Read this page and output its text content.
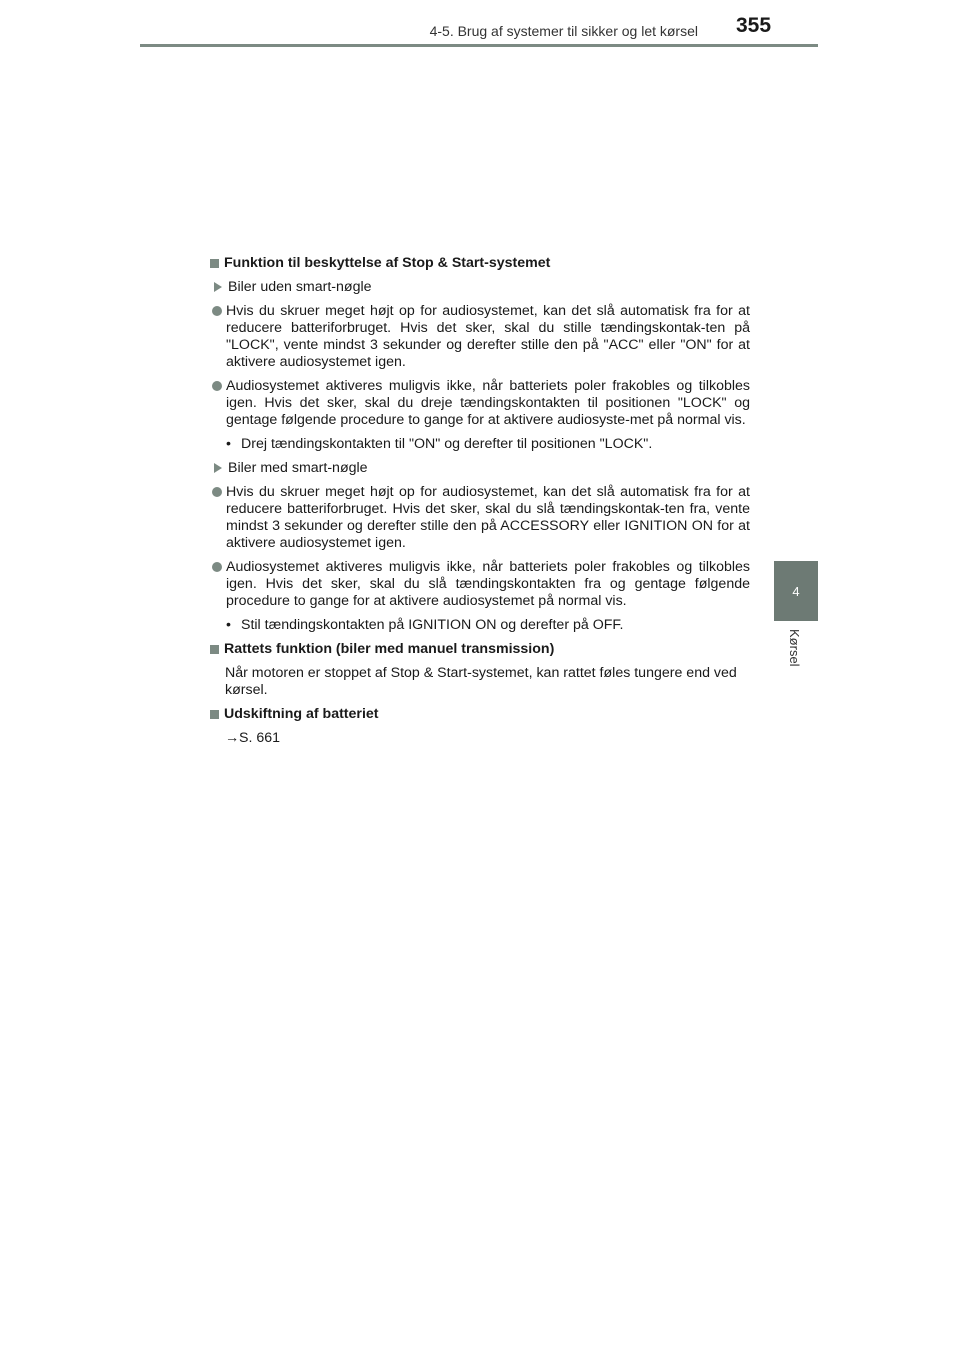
4-5. Brug af systemer til sikker og let kørsel 355
4
Kørsel
Funktion til beskyttelse af Stop & Start-systemet
Biler uden smart-nøgle
Hvis du skruer meget højt op for audiosystemet, kan det slå automatisk fra for at reducere batteriforbruget. Hvis det sker, skal du stille tændingskontak-ten på "LOCK", vente mindst 3 sekunder og derefter stille den på "ACC" eller "ON" for at aktivere audiosystemet igen.
Audiosystemet aktiveres muligvis ikke, når batteriets poler frakobles og tilkobles igen. Hvis det sker, skal du dreje tændingskontakten til positionen "LOCK" og gentage følgende procedure to gange for at aktivere audiosyste-met på normal vis.
• Drej tændingskontakten til "ON" og derefter til positionen "LOCK".
Biler med smart-nøgle
Hvis du skruer meget højt op for audiosystemet, kan det slå automatisk fra for at reducere batteriforbruget. Hvis det sker, skal du slå tændingskontak-ten fra, vente mindst 3 sekunder og derefter stille den på ACCESSORY eller IGNITION ON for at aktivere audiosystemet igen.
Audiosystemet aktiveres muligvis ikke, når batteriets poler frakobles og tilkobles igen. Hvis det sker, skal du slå tændingskontakten fra og gentage følgende procedure to gange for at aktivere audiosystemet på normal vis.
• Stil tændingskontakten på IGNITION ON og derefter på OFF.
Rattets funktion (biler med manuel transmission)
Når motoren er stoppet af Stop & Start-systemet, kan rattet føles tungere end ved kørsel.
Udskiftning af batteriet
→ S. 661
